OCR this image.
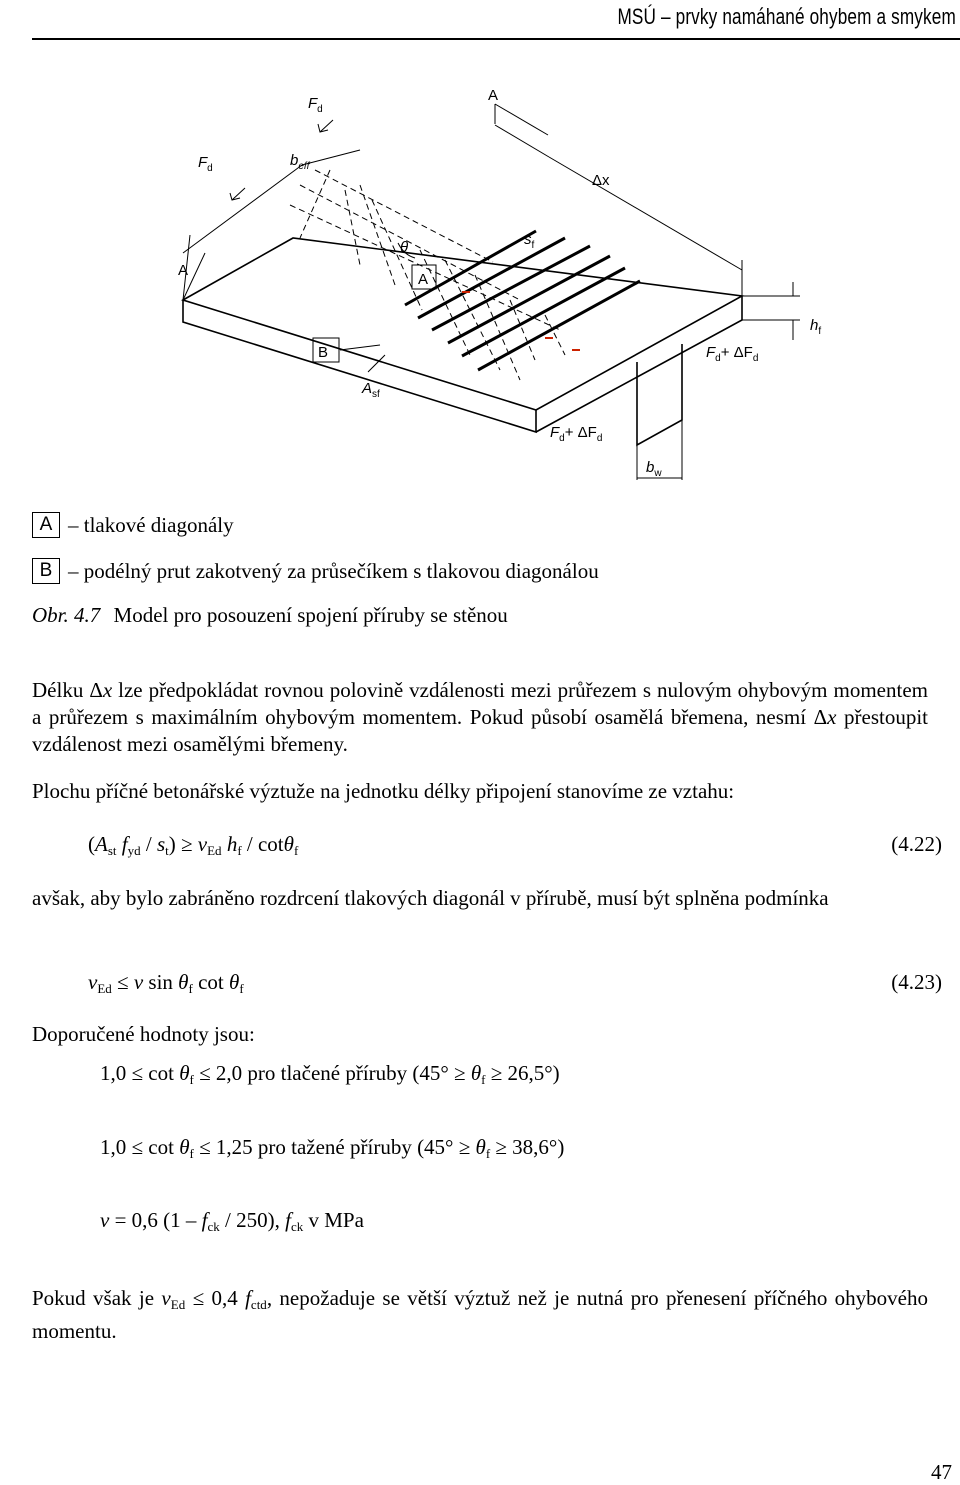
MSÚ – prvky namáhané ohybem a smykem
$F_d$
A
$F_d$	$b_{eff}$
Δx
A
θ	$s_f$
A
B
$h_f$
$F_d+ \Delta F_d$
$A_{sf}$
$F_d+ \Delta F_d$
$b_w$
A – tlakové diagonály
B – podélný prut zakotvený za průsečíkem s tlakovou diagonálou
Obr. 4.7 Model pro posouzení spojení příruby se stěnou

Délku Δx lze předpokládat rovnou polovině vzdálenosti mezi průřezem s nulovým ohybovým momentem a průřezem s maximálním ohybovým momentem. Pokud působí osamělá břemena, nesmí Δx přestoupit vzdálenost mezi osamělými břemeny.

Plochu příčné betonářské výztuže na jednotku délky připojení stanovíme ze vztahu:

($A_{st}$ $f_{yd} / s_t) \ge \nu_{Ed}$ $h_f / \cot\theta_f$	(4.22)

avšak, aby bylo zabráněno rozdrcení tlakových diagonál v přírubě, musí být splněna podmínka

$\nu_{Ed} \le \nu$ $\sin \theta_f$ $\cot \theta_f$	(4.23)

Doporučené hodnoty jsou:

$1,0 \le \cot \theta_f \le 2,0$ pro tlačené příruby $(45^\circ \ge \theta_f \ge 26,5^\circ)$
$1,0 \le \cot \theta_f \le 1,25$ pro tažené příruby $(45^\circ \ge \theta_f \ge 38,6^\circ)$
ν = 0,6 $(1 - f_{ck} / 250)$, $f_{ck}$ v MPa

Pokud však je $\nu_{Ed} \le 0,4$ $f_{ctd}$, nepožaduje se větší výztuž než je nutná pro přenesení příčného ohybového momentu.

47
